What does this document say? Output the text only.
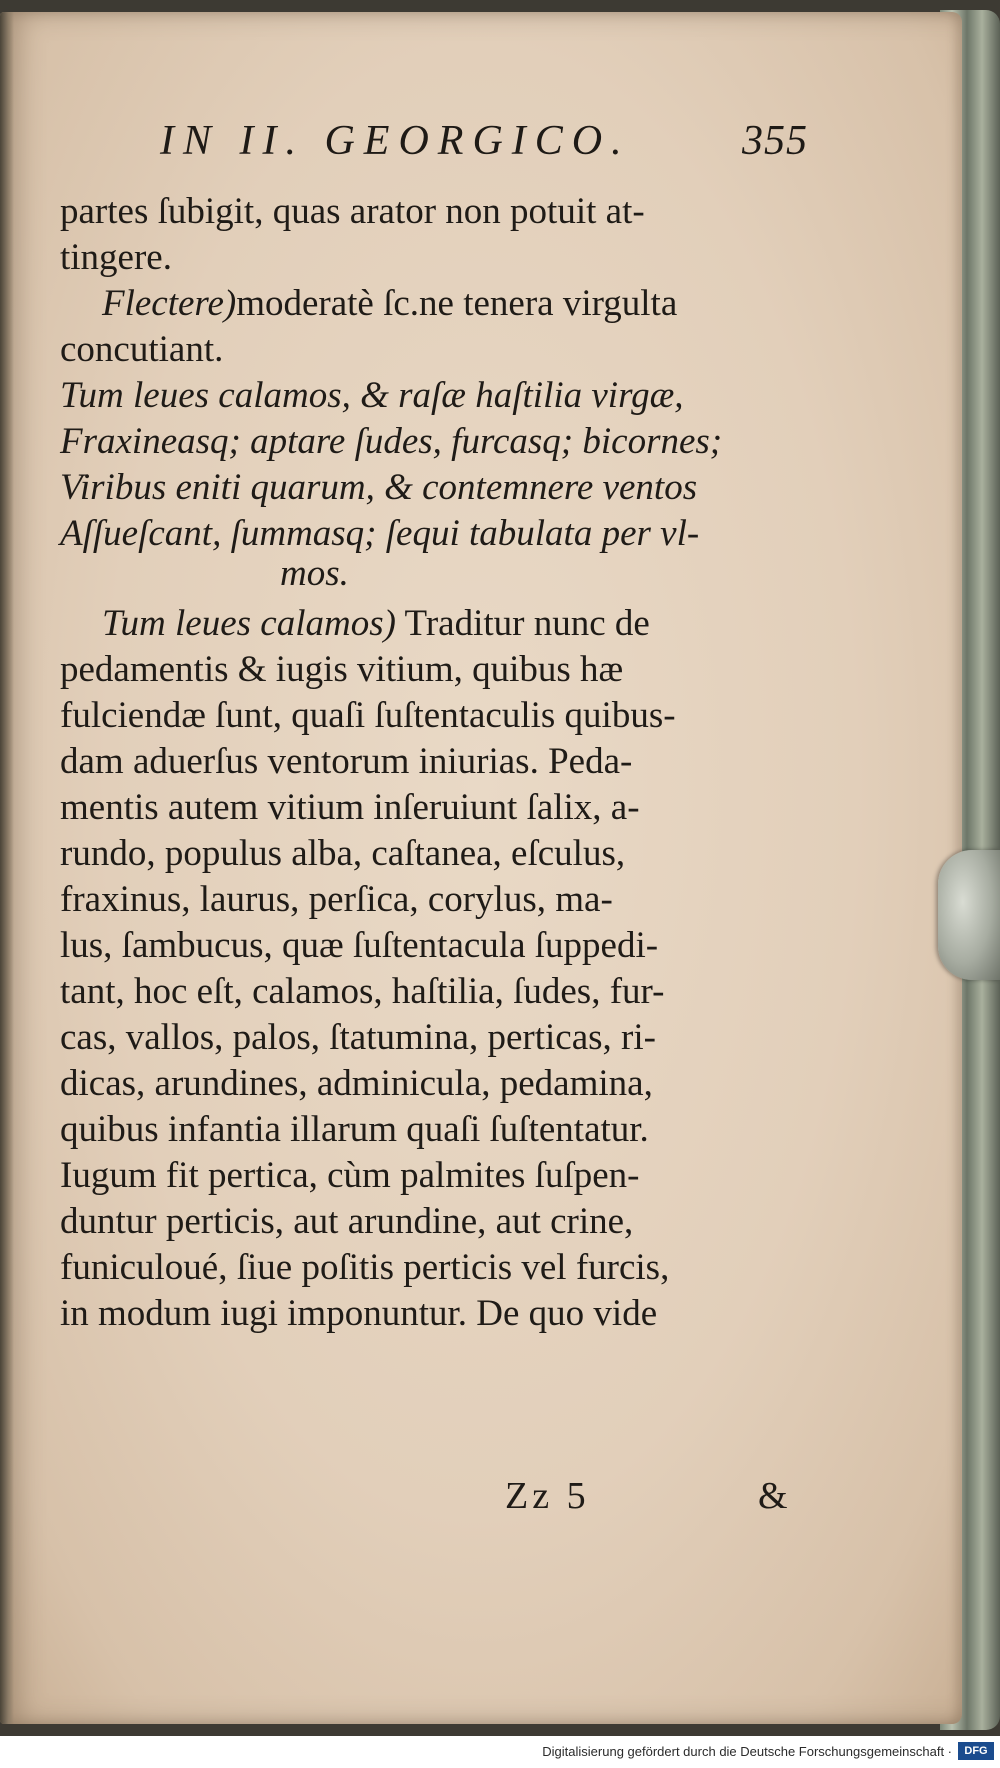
IN II. GEORGICO.	355
partes ſubigit, quas arator non potuit at-
tingere.
Flectere)moderatè ſc.ne tenera virgulta
concutiant.
Tum leues calamos, & raſæ haſtilia virgæ,
Fraxineasq; aptare ſudes, furcasq; bicornes;
Viribus eniti quarum, & contemnere ventos
Aſſueſcant, ſummasq; ſequi tabulata per vl-
mos.
Tum leues calamos) Traditur nunc de
pedamentis & iugis vitium, quibus hæ
fulciendæ ſunt, quaſi ſuſtentaculis quibus-
dam aduerſus ventorum iniurias. Peda-
mentis autem vitium inſeruiunt ſalix, a-
rundo, populus alba, caſtanea, eſculus,
fraxinus, laurus, perſica, corylus, ma-
lus, ſambucus, quæ ſuſtentacula ſuppedi-
tant, hoc eſt, calamos, haſtilia, ſudes, fur-
cas, vallos, palos, ſtatumina, perticas, ri-
dicas, arundines, adminicula, pedamina,
quibus infantia illarum quaſi ſuſtentatur.
Iugum fit pertica, cùm palmites ſuſpen-
duntur perticis, aut arundine, aut crine,
funiculoué, ſiue poſitis perticis vel furcis,
in modum iugi imponuntur. De quo vide
Zz 5	&
Digitalisierung gefördert durch die Deutsche Forschungsgemeinschaft ·	DFG
